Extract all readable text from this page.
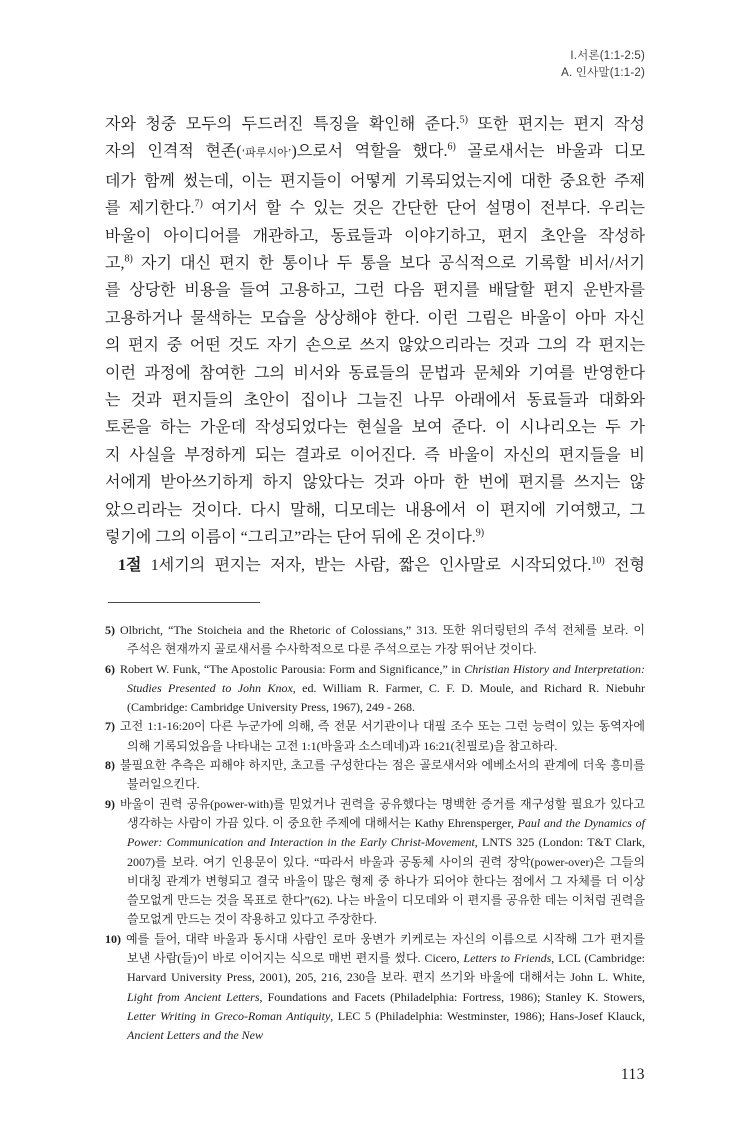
I.서론(1:1-2:5)
A. 인사말(1:1-2)
자와 청중 모두의 두드러진 특징을 확인해 준다.$^{5)}$ 또한 편지는 편지 작성
자의 인격적 현존(‘파루시아’)으로서 역할을 했다.$^{6)}$ 골로새서는 바울과 디모
데가 함께 썼는데, 이는 편지들이 어떻게 기록되었는지에 대한 중요한 주제
를 제기한다.$^{7)}$ 여기서 할 수 있는 것은 간단한 단어 설명이 전부다. 우리는
바울이 아이디어를 개관하고, 동료들과 이야기하고, 편지 초안을 작성하
고,$^{8)}$ 자기 대신 편지 한 통이나 두 통을 보다 공식적으로 기록할 비서/서기
를 상당한 비용을 들여 고용하고, 그런 다음 편지를 배달할 편지 운반자를
고용하거나 물색하는 모습을 상상해야 한다. 이런 그림은 바울이 아마 자신
의 편지 중 어떤 것도 자기 손으로 쓰지 않았으리라는 것과 그의 각 편지는
이런 과정에 참여한 그의 비서와 동료들의 문법과 문체와 기여를 반영한다
는 것과 편지들의 초안이 집이나 그늘진 나무 아래에서 동료들과 대화와
토론을 하는 가운데 작성되었다는 현실을 보여 준다. 이 시나리오는 두 가
지 사실을 부정하게 되는 결과로 이어진다. 즉 바울이 자신의 편지들을 비
서에게 받아쓰기하게 하지 않았다는 것과 아마 한 번에 편지를 쓰지는 않
았으리라는 것이다. 다시 말해, 디모데는 내용에서 이 편지에 기여했고, 그
렇기에 그의 이름이 “그리고”라는 단어 뒤에 온 것이다.$^{9)}$
1절 1세기의 편지는 저자, 받는 사람, 짧은 인사말로 시작되었다.$^{10)}$ 전형
5) Olbricht, “The Stoicheia and the Rhetoric of Colossians,” 313. 또한 위더링턴의 주석 전체를 보라. 이 주석은 현재까지 골로새서를 수사학적으로 다룬 주석으로는 가장 뛰어난 것이다.
6) Robert W. Funk, “The Apostolic Parousia: Form and Significance,” in Christian History and Interpretation: Studies Presented to John Knox, ed. William R. Farmer, C. F. D. Moule, and Richard R. Niebuhr (Cambridge: Cambridge University Press, 1967), 249 - 268.
7) 고전 1:1-16:20이 다른 누군가에 의해, 즉 전문 서기관이나 대필 조수 또는 그런 능력이 있는 동역자에 의해 기록되었음을 나타내는 고전 1:1(바울과 소스데네)과 16:21(친필로)을 참고하라.
8) 불필요한 추측은 피해야 하지만, 초고를 구성한다는 점은 골로새서와 에베소서의 관계에 더욱 흥미를 불러일으킨다.
9) 바울이 권력 공유(power-with)를 믿었거나 권력을 공유했다는 명백한 증거를 재구성할 필요가 있다고 생각하는 사람이 가끔 있다. 이 중요한 주제에 대해서는 Kathy Ehrensperger, Paul and the Dynamics of Power: Communication and Interaction in the Early Christ-Movement, LNTS 325 (London: T&T Clark, 2007)를 보라. 여기 인용문이 있다. “따라서 바울과 공동체 사이의 권력 장악(power-over)은 그들의 비대칭 관계가 변형되고 결국 바울이 많은 형제 중 하나가 되어야 한다는 점에서 그 자체를 더 이상 쓸모없게 만드는 것을 목표로 한다”(62). 나는 바울이 디모데와 이 편지를 공유한 데는 이처럼 권력을 쓸모없게 만드는 것이 작용하고 있다고 주장한다.
10) 예를 들어, 대략 바울과 동시대 사람인 로마 웅변가 키케로는 자신의 이름으로 시작해 그가 편지를 보낸 사람(들)이 바로 이어지는 식으로 매번 편지를 썼다. Cicero, Letters to Friends, LCL (Cambridge: Harvard University Press, 2001), 205, 216, 230을 보라. 편지 쓰기와 바울에 대해서는 John L. White, Light from Ancient Letters, Foundations and Facets (Philadelphia: Fortress, 1986); Stanley K. Stowers, Letter Writing in Greco-Roman Antiquity, LEC 5 (Philadelphia: Westminster, 1986); Hans-Josef Klauck, Ancient Letters and the New
113
